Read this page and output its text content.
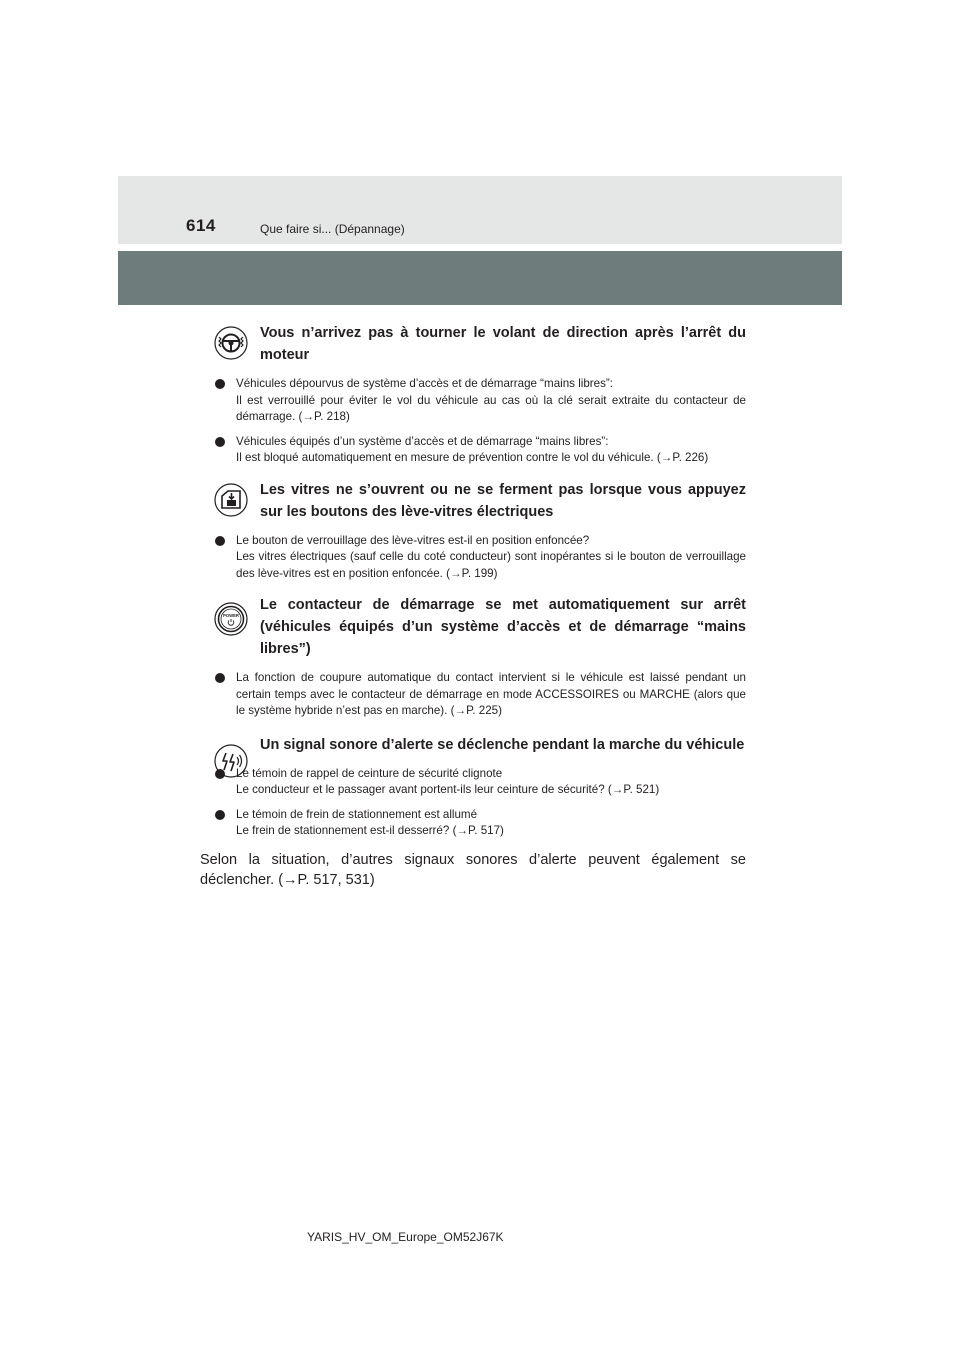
614	Que faire si... (Dépannage)
Vous n’arrivez pas à tourner le volant de direction après l’arrêt du moteur
Véhicules dépourvus de système d’accès et de démarrage “mains libres”:
Il est verrouillé pour éviter le vol du véhicule au cas où la clé serait extraite du contacteur de démarrage. (→P. 218)
Véhicules équipés d’un système d’accès et de démarrage “mains libres”:
Il est bloqué automatiquement en mesure de prévention contre le vol du véhicule. (→P. 226)
Les vitres ne s’ouvrent ou ne se ferment pas lorsque vous appuyez sur les boutons des lève-vitres électriques
Le bouton de verrouillage des lève-vitres est-il en position enfoncée?
Les vitres électriques (sauf celle du coté conducteur) sont inopérantes si le bouton de verrouillage des lève-vitres est en position enfoncée. (→P. 199)
POWER
Le contacteur de démarrage se met automatiquement sur arrêt (véhicules équipés d’un système d’accès et de démarrage “mains libres”)
La fonction de coupure automatique du contact intervient si le véhicule est laissé pendant un certain temps avec le contacteur de démarrage en mode ACCESSOIRES ou MARCHE (alors que le système hybride n’est pas en marche). (→P. 225)
Un signal sonore d’alerte se déclenche pendant la marche du véhicule
Le témoin de rappel de ceinture de sécurité clignote
Le conducteur et le passager avant portent-ils leur ceinture de sécurité? (→P. 521)
Le témoin de frein de stationnement est allumé
Le frein de stationnement est-il desserré? (→P. 517)
Selon la situation, d’autres signaux sonores d’alerte peuvent également se déclencher. (→P. 517, 531)
YARIS_HV_OM_Europe_OM52J67K
